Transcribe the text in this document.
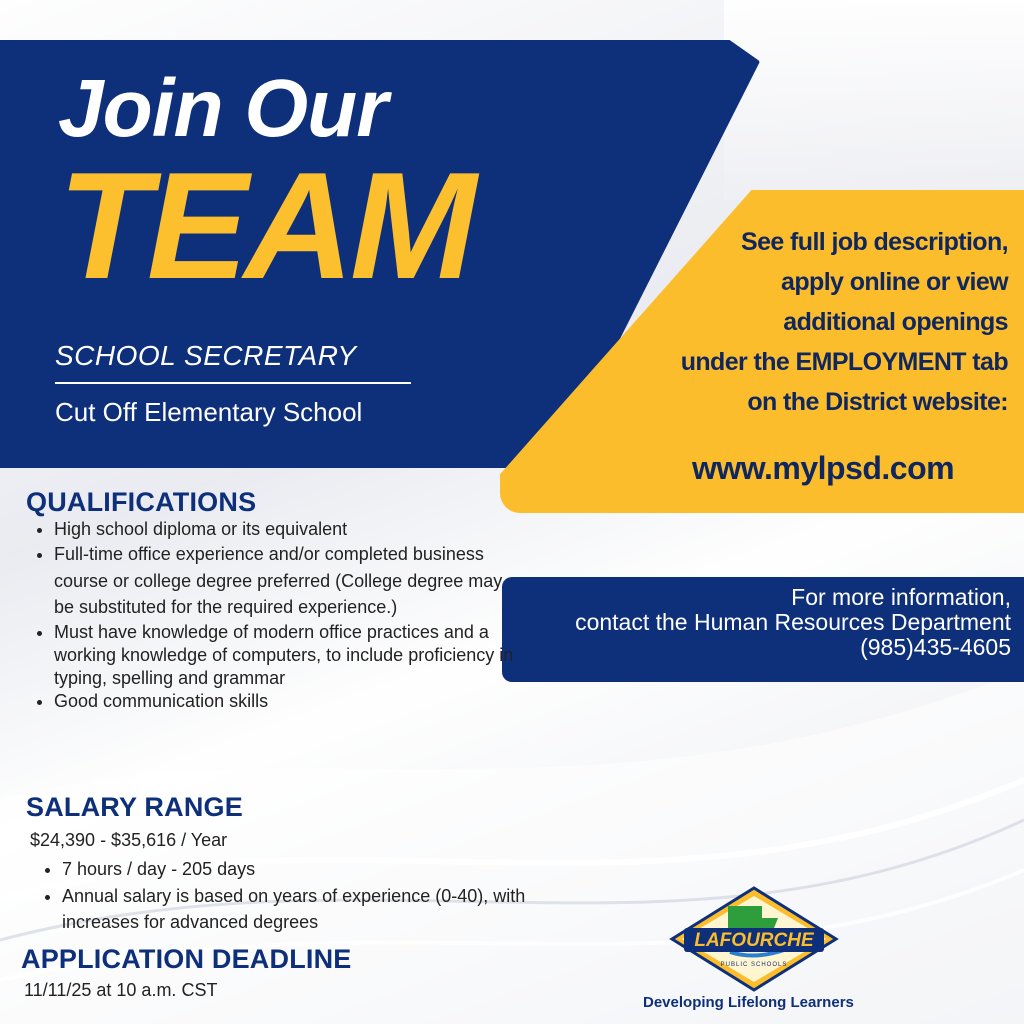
Join Our
TEAM
SCHOOL SECRETARY
Cut Off Elementary School
See full job description,
apply online or view
additional openings
under the EMPLOYMENT tab
on the District website:
www.mylpsd.com
For more information,
contact the Human Resources Department
(985)435-4605
QUALIFICATIONS
• High school diploma or its equivalent
• Full-time office experience and/or completed business course or college degree preferred (College degree may be substituted for the required experience.)
• Must have knowledge of modern office practices and a working knowledge of computers, to include proficiency in typing, spelling and grammar
• Good communication skills
SALARY RANGE
$24,390 - $35,616 / Year
• 7 hours / day - 205 days
• Annual salary is based on years of experience (0-40), with increases for advanced degrees
APPLICATION DEADLINE
11/11/25 at 10 a.m. CST
LAFOURCHE
PUBLIC SCHOOLS
Developing Lifelong Learners
